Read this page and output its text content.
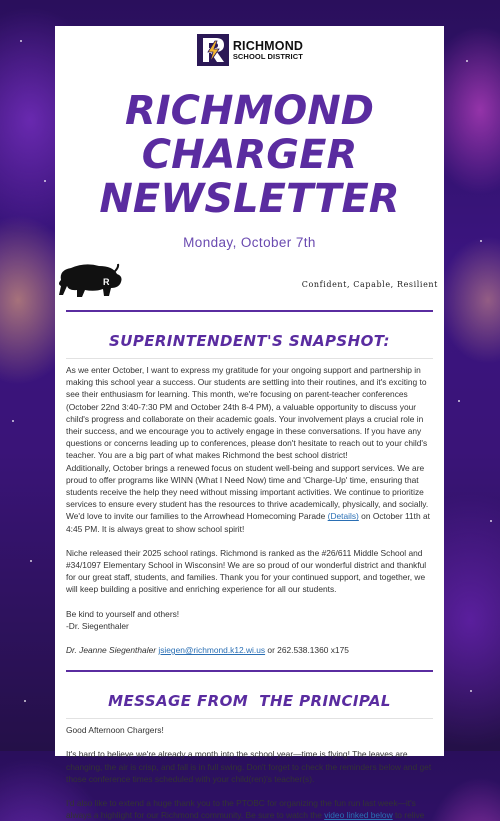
RICHMOND
SCHOOL DISTRICT
RICHMOND CHARGER NEWSLETTER
Monday, October 7th
R	Confident, Capable, Resilient
SUPERINTENDENT'S SNAPSHOT:

As we enter October, I want to express my gratitude for your ongoing support and partnership in making this school year a success. Our students are settling into their routines, and it's exciting to see their enthusiasm for learning. This month, we're focusing on parent-teacher conferences (October 22nd 3:40-7:30 PM and October 24th 8-4 PM), a valuable opportunity to discuss your child's progress and collaborate on their academic goals. Your involvement plays a crucial role in their success, and we encourage you to actively engage in these conversations. If you have any questions or concerns leading up to conferences, please don't hesitate to reach out to your child's teacher. You are a big part of what makes Richmond the best school district!

Additionally, October brings a renewed focus on student well-being and support services. We are proud to offer programs like WINN (What I Need Now) time and 'Charge-Up' time, ensuring that students receive the help they need without missing important activities. We continue to prioritize services to ensure every student has the resources to thrive academically, physically, and socially. We'd love to invite our families to the Arrowhead Homecoming Parade (Details) on October 11th at 4:45 PM. It is always great to show school spirit!

Niche released their 2025 school ratings. Richmond is ranked as the #26/611 Middle School and #34/1097 Elementary School in Wisconsin! We are so proud of our wonderful district and thankful for our great staff, students, and families. Thank you for your continued support, and together, we will keep building a positive and enriching experience for all our students.

Be kind to yourself and others!

-Dr. Siegenthaler

Dr. Jeanne Siegenthaler jsiegen@richmond.k12.wi.us or 262.538.1360 x175

MESSAGE FROM  THE PRINCIPAL

Good Afternoon Chargers!

It's hard to believe we're already a month into the school year—time is flying! The leaves are changing, the air is crisp, and fall is in full swing. Don't forget to check the reminders below and get those conference times scheduled with your child(ren)'s teacher(s).

I'd also like to extend a huge thank you to the PTOBC for organizing the fun run last week—it's always a highlight for our Richmond community. Be sure to watch the video linked below to relive
